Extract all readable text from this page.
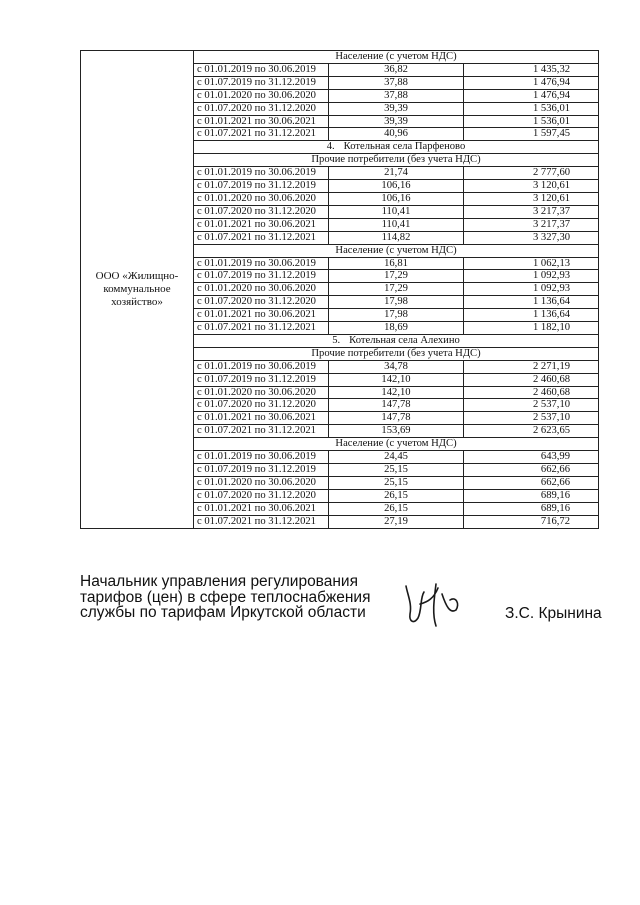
ООО «Жилищно-коммунальное хозяйство»	Население (с учетом НДС)		
	с 01.01.2019 по 30.06.2019	36,82	1 435,32
	с 01.07.2019 по 31.12.2019	37,88	1 476,94
	с 01.01.2020 по 30.06.2020	37,88	1 476,94
	с 01.07.2020 по 31.12.2020	39,39	1 536,01
	с 01.01.2021 по 30.06.2021	39,39	1 536,01
	с 01.07.2021 по 31.12.2021	40,96	1 597,45
	4. Котельная села Парфеново		
	Прочие потребители (без учета НДС)		
	с 01.01.2019 по 30.06.2019	21,74	2 777,60
	с 01.07.2019 по 31.12.2019	106,16	3 120,61
	с 01.01.2020 по 30.06.2020	106,16	3 120,61
	с 01.07.2020 по 31.12.2020	110,41	3 217,37
	с 01.01.2021 по 30.06.2021	110,41	3 217,37
	с 01.07.2021 по 31.12.2021	114,82	3 327,30
	Население (с учетом НДС)		
	с 01.01.2019 по 30.06.2019	16,81	1 062,13
	с 01.07.2019 по 31.12.2019	17,29	1 092,93
	с 01.01.2020 по 30.06.2020	17,29	1 092,93
	с 01.07.2020 по 31.12.2020	17,98	1 136,64
	с 01.01.2021 по 30.06.2021	17,98	1 136,64
	с 01.07.2021 по 31.12.2021	18,69	1 182,10
	5. Котельная села Алехино		
	Прочие потребители (без учета НДС)		
	с 01.01.2019 по 30.06.2019	34,78	2 271,19
	с 01.07.2019 по 31.12.2019	142,10	2 460,68
	с 01.01.2020 по 30.06.2020	142,10	2 460,68
	с 01.07.2020 по 31.12.2020	147,78	2 537,10
	с 01.01.2021 по 30.06.2021	147,78	2 537,10
	с 01.07.2021 по 31.12.2021	153,69	2 623,65
	Население (с учетом НДС)		
	с 01.01.2019 по 30.06.2019	24,45	643,99
	с 01.07.2019 по 31.12.2019	25,15	662,66
	с 01.01.2020 по 30.06.2020	25,15	662,66
	с 01.07.2020 по 31.12.2020	26,15	689,16
	с 01.01.2021 по 30.06.2021	26,15	689,16
	с 01.07.2021 по 31.12.2021	27,19	716,72
Начальник управления регулирования
тарифов (цен) в сфере теплоснабжения
службы по тарифам Иркутской области	З.С. Крынина
